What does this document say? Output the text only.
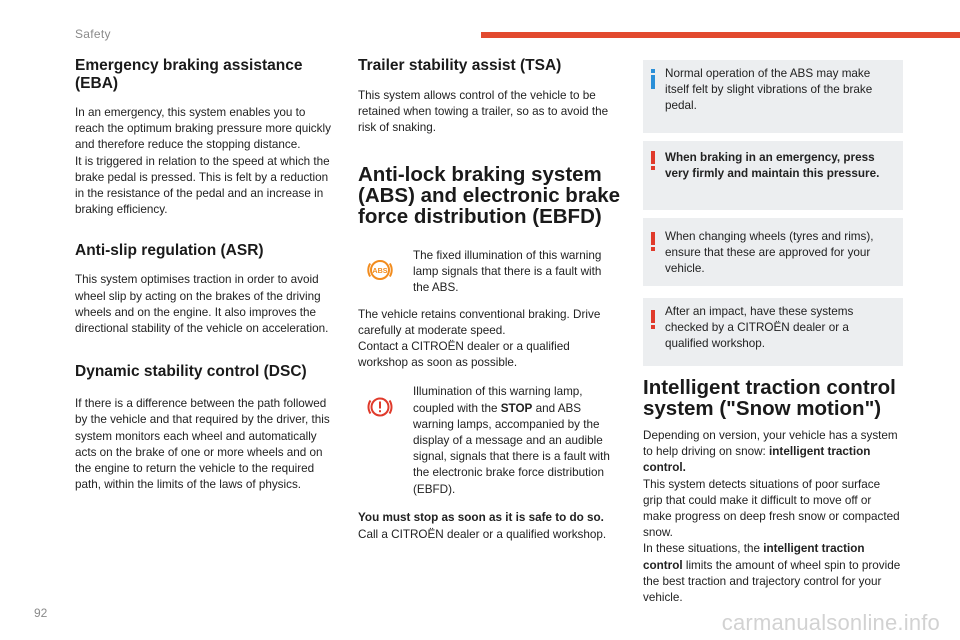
Safety
Emergency braking assistance (EBA)

In an emergency, this system enables you to reach the optimum braking pressure more quickly and therefore reduce the stopping distance.

It is triggered in relation to the speed at which the brake pedal is pressed. This is felt by a reduction in the resistance of the pedal and an increase in braking efficiency.

Anti-slip regulation (ASR)

This system optimises traction in order to avoid wheel slip by acting on the brakes of the driving wheels and on the engine. It also improves the directional stability of the vehicle on acceleration.

Dynamic stability control (DSC)

If there is a difference between the path followed by the vehicle and that required by the driver, this system monitors each wheel and automatically acts on the brake of one or more wheels and on the engine to return the vehicle to the required path, within the limits of the laws of physics.

Trailer stability assist (TSA)

This system allows control of the vehicle to be retained when towing a trailer, so as to avoid the risk of snaking.

Anti-lock braking system (ABS) and electronic brake force distribution (EBFD)
ABS

The fixed illumination of this warning lamp signals that there is a fault with the ABS.

The vehicle retains conventional braking. Drive carefully at moderate speed.

Contact a CITROËN dealer or a qualified workshop as soon as possible.

Illumination of this warning lamp, coupled with the STOP and ABS warning lamps, accompanied by the display of a message and an audible signal, signals that there is a fault with the electronic brake force distribution (EBFD).

You must stop as soon as it is safe to do so.
Call a CITROËN dealer or a qualified workshop.

Normal operation of the ABS may make itself felt by slight vibrations of the brake pedal.

When braking in an emergency, press very firmly and maintain this pressure.

When changing wheels (tyres and rims), ensure that these are approved for your vehicle.

After an impact, have these systems checked by a CITROËN dealer or a qualified workshop.

Intelligent traction control system ("Snow motion")

Depending on version, your vehicle has a system to help driving on snow: intelligent traction control.
This system detects situations of poor surface grip that could make it difficult to move off or make progress on deep fresh snow or compacted snow.
In these situations, the intelligent traction control limits the amount of wheel spin to provide the best traction and trajectory control for your vehicle.

92	carmanualsonline.info
